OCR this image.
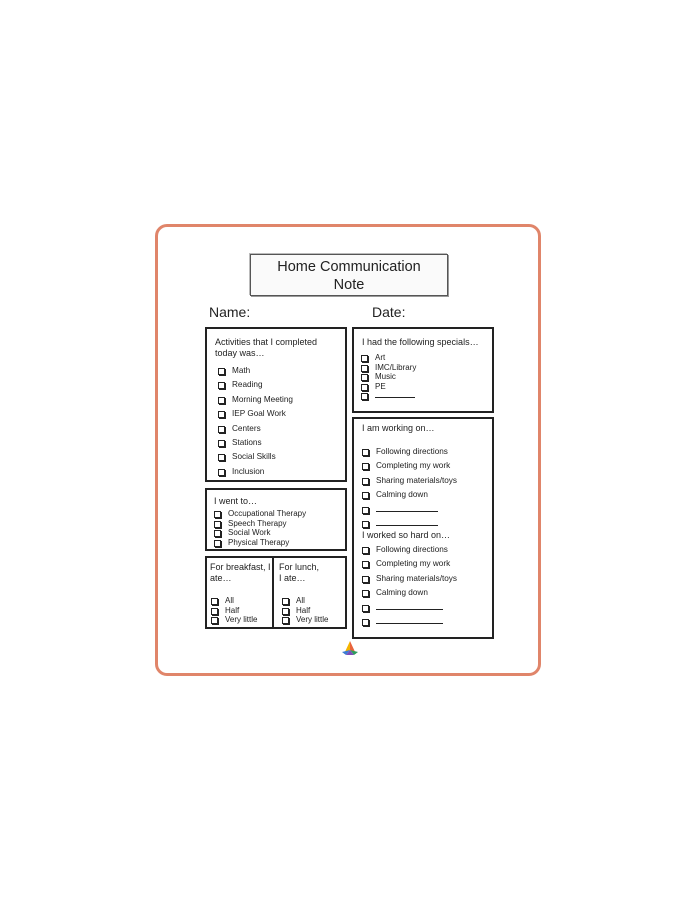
Home Communication
Note
Name:	Date:
Activities that I completed
today was…
Math
Reading
Morning Meeting
IEP Goal Work
Centers
Stations
Social Skills
Inclusion
I had the following specials…
Art
IMC/Library
Music
PE
I am working on…
Following directions
Completing my work
Sharing materials/toys
Calming down
I worked so hard on…
Following directions
Completing my work
Sharing materials/toys
Calming down
I went to…
Occupational Therapy
Speech Therapy
Social Work
Physical Therapy
For breakfast, I
ate…
All
Half
Very little
For lunch,
I ate…
All
Half
Very little
